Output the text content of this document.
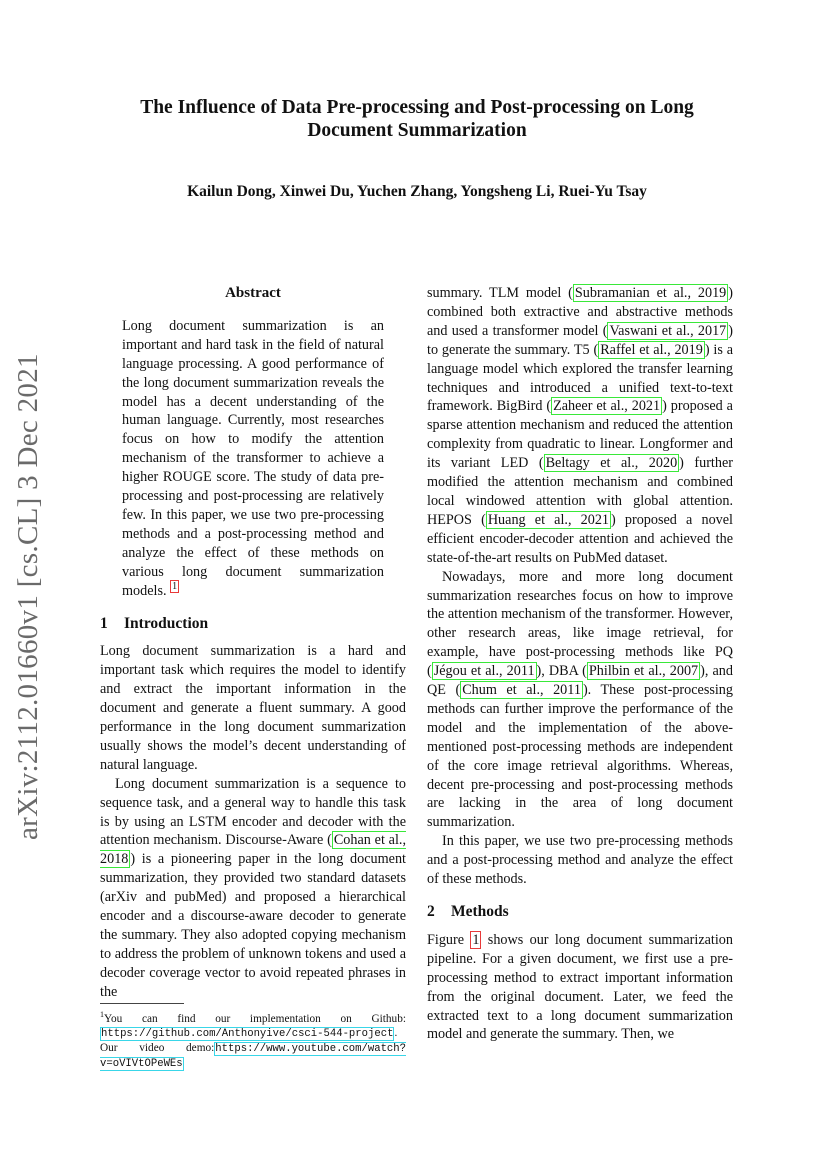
arXiv:2112.01660v1 [cs.CL] 3 Dec 2021
The Influence of Data Pre-processing and Post-processing on Long Document Summarization
Kailun Dong, Xinwei Du, Yuchen Zhang, Yongsheng Li, Ruei-Yu Tsay
Abstract

Long document summarization is an important and hard task in the field of natural language processing. A good performance of the long document summarization reveals the model has a decent understanding of the human language. Currently, most researches focus on how to modify the attention mechanism of the transformer to achieve a higher ROUGE score. The study of data pre-processing and post-processing are relatively few. In this paper, we use two pre-processing methods and a post-processing method and analyze the effect of these methods on various long document summarization models. $^1$

1 Introduction

Long document summarization is a hard and important task which requires the model to identify and extract the important information in the document and generate a fluent summary. A good performance in the long document summarization usually shows the model’s decent understanding of natural language.

Long document summarization is a sequence to sequence task, and a general way to handle this task is by using an LSTM encoder and decoder with the attention mechanism. Discourse-Aware ( Cohan et al., 2018 ) is a pioneering paper in the long document summarization, they provided two standard datasets (arXiv and pubMed) and proposed a hierarchical encoder and a discourse-aware decoder to generate the summary. They also adopted copying mechanism to address the problem of unknown tokens and used a decoder coverage vector to avoid repeated phrases in the

summary. TLM model ( Subramanian et al., 2019 ) combined both extractive and abstractive methods and used a transformer model ( Vaswani et al., 2017 ) to generate the summary. T5 ( Raffel et al., 2019 ) is a language model which explored the transfer learning techniques and introduced a unified text-to-text framework. BigBird ( Zaheer et al., 2021 ) proposed a sparse attention mechanism and reduced the attention complexity from quadratic to linear. Longformer and its variant LED ( Beltagy et al., 2020 ) further modified the attention mechanism and combined local windowed attention with global attention. HEPOS ( Huang et al., 2021 ) proposed a novel efficient encoder-decoder attention and achieved the state-of-the-art results on PubMed dataset.

Nowadays, more and more long document summarization researches focus on how to improve the attention mechanism of the transformer. However, other research areas, like image retrieval, for example, have post-processing methods like PQ ( Jégou et al., 2011 ), DBA ( Philbin et al., 2007 ), and QE ( Chum et al., 2011 ). These post-processing methods can further improve the performance of the model and the implementation of the above-mentioned post-processing methods are independent of the core image retrieval algorithms. Whereas, decent pre-processing and post-processing methods are lacking in the area of long document summarization.

In this paper, we use two pre-processing methods and a post-processing method and analyze the effect of these methods.

2 Methods

Figure 1 shows our long document summarization pipeline. For a given document, we first use a pre-processing method to extract important information from the original document. Later, we feed the extracted text to a long document summarization model and generate the summary. Then, we

$^1$You can find our implementation on Github: https://github.com/Anthonyive/csci-544-project. Our video demo:https://www.youtube.com/watch?v=oVIVtOPeWEs
